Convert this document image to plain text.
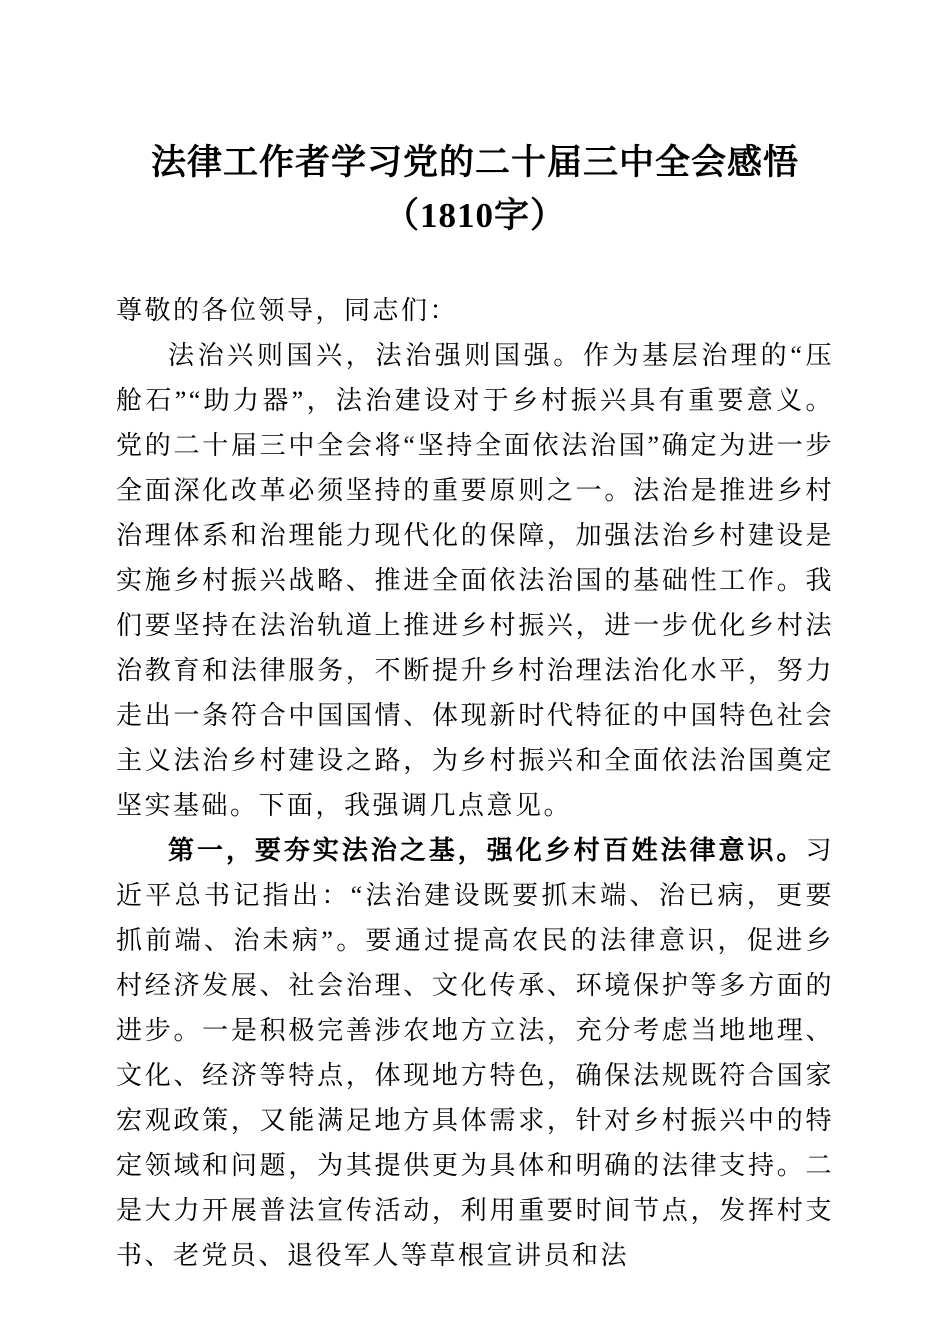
法律工作者学习党的二十届三中全会感悟
（1810字）

尊敬的各位领导，同志们：

法治兴则国兴，法治强则国强。作为基层治理的“压舱石”“助力器”，法治建设对于乡村振兴具有重要意义。党的二十届三中全会将“坚持全面依法治国”确定为进一步全面深化改革必须坚持的重要原则之一。法治是推进乡村治理体系和治理能力现代化的保障，加强法治乡村建设是实施乡村振兴战略、推进全面依法治国的基础性工作。我们要坚持在法治轨道上推进乡村振兴，进一步优化乡村法治教育和法律服务，不断提升乡村治理法治化水平，努力走出一条符合中国国情、体现新时代特征的中国特色社会主义法治乡村建设之路，为乡村振兴和全面依法治国奠定坚实基础。下面，我强调几点意见。

第一，要夯实法治之基，强化乡村百姓法律意识。习近平总书记指出：“法治建设既要抓末端、治已病，更要抓前端、治未病”。要通过提高农民的法律意识，促进乡村经济发展、社会治理、文化传承、环境保护等多方面的进步。一是积极完善涉农地方立法，充分考虑当地地理、文化、经济等特点，体现地方特色，确保法规既符合国家宏观政策，又能满足地方具体需求，针对乡村振兴中的特定领域和问题，为其提供更为具体和明确的法律支持。二是大力开展普法宣传活动，利用重要时间节点，发挥村支书、老党员、退役军人等草根宣讲员和法
